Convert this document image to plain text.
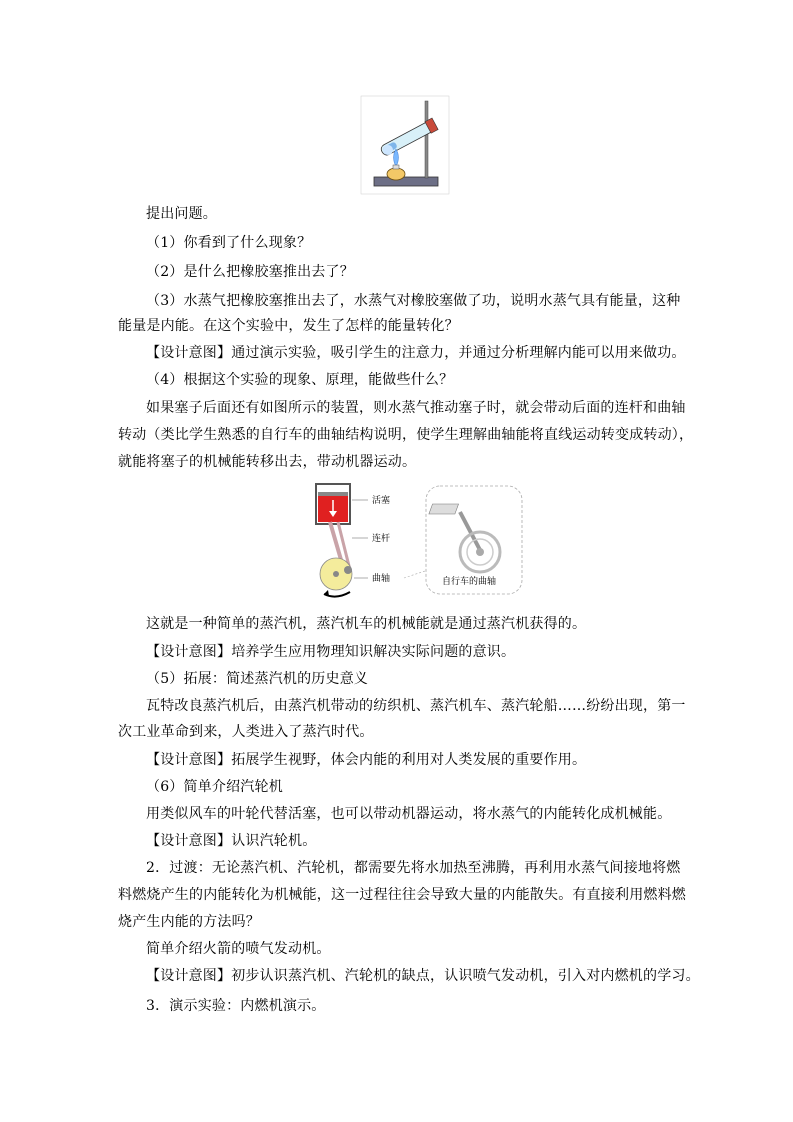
提出问题。
（1）你看到了什么现象？
（2）是什么把橡胶塞推出去了？
（3）水蒸气把橡胶塞推出去了，水蒸气对橡胶塞做了功，说明水蒸气具有能量，这种
能量是内能。在这个实验中，发生了怎样的能量转化？
【设计意图】通过演示实验，吸引学生的注意力，并通过分析理解内能可以用来做功。
（4）根据这个实验的现象、原理，能做些什么？
如果塞子后面还有如图所示的装置，则水蒸气推动塞子时，就会带动后面的连杆和曲轴
转动（类比学生熟悉的自行车的曲轴结构说明，使学生理解曲轴能将直线运动转变成转动），
就能将塞子的机械能转移出去，带动机器运动。
活塞
连杆
曲轴	自行车的曲轴
这就是一种简单的蒸汽机，蒸汽机车的机械能就是通过蒸汽机获得的。
【设计意图】培养学生应用物理知识解决实际问题的意识。
（5）拓展：简述蒸汽机的历史意义
瓦特改良蒸汽机后，由蒸汽机带动的纺织机、蒸汽机车、蒸汽轮船……纷纷出现，第一
次工业革命到来，人类进入了蒸汽时代。
【设计意图】拓展学生视野，体会内能的利用对人类发展的重要作用。
（6）简单介绍汽轮机
用类似风车的叶轮代替活塞，也可以带动机器运动，将水蒸气的内能转化成机械能。
【设计意图】认识汽轮机。
2．过渡：无论蒸汽机、汽轮机，都需要先将水加热至沸腾，再利用水蒸气间接地将燃
料燃烧产生的内能转化为机械能，这一过程往往会导致大量的内能散失。有直接利用燃料燃
烧产生内能的方法吗？
简单介绍火箭的喷气发动机。
【设计意图】初步认识蒸汽机、汽轮机的缺点，认识喷气发动机，引入对内燃机的学习。
3．演示实验：内燃机演示。
